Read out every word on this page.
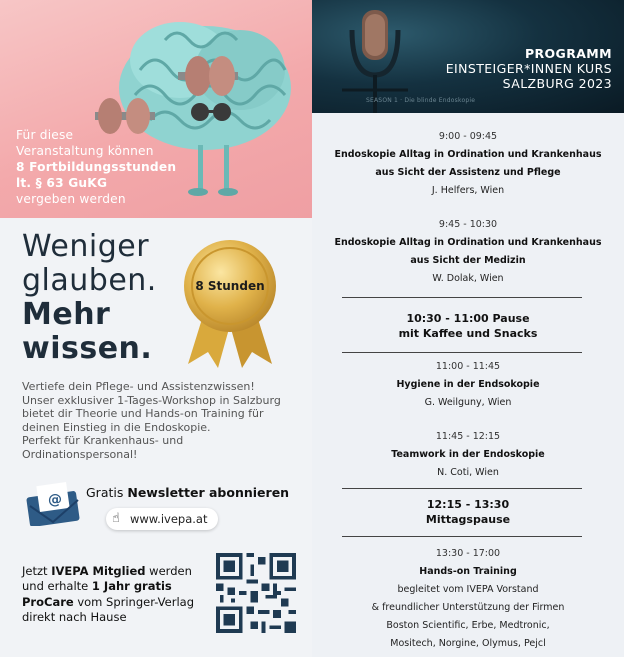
Für diese
Veranstaltung können
8 Fortbildungsstunden
lt. § 63 GuKG
vergeben werden
Weniger
glauben.
Mehr
wissen.
8 Stunden
Vertiefe dein Pflege- und Assistenzwissen!
Unser exklusiver 1-Tages-Workshop in Salzburg
bietet dir Theorie und Hands-on Training für
deinen Einstieg in die Endoskopie.
Perfekt für Krankenhaus- und
Ordinationspersonal!
@ Gratis Newsletter abonnieren
www.ivepa.at
☝
Jetzt IVEPA Mitglied werden
und erhalte 1 Jahr gratis
ProCare vom Springer-Verlag
direkt nach Hause
PROGRAMM
EINSTEIGER*INNEN KURS
SALZBURG 2023
SEASON 1 · Die blinde Endoskopie
9:00 - 09:45
Endoskopie Alltag in Ordination und Krankenhaus
aus Sicht der Assistenz und Pflege
J. Helfers, Wien
9:45 - 10:30
Endoskopie Alltag in Ordination und Krankenhaus
aus Sicht der Medizin
W. Dolak, Wien
10:30 - 11:00 Pause
mit Kaffee und Snacks
11:00 - 11:45
Hygiene in der Endsokopie
G. Weilguny, Wien
11:45 - 12:15
Teamwork in der Endoskopie
N. Coti, Wien
12:15 - 13:30
Mittagspause
13:30 - 17:00
Hands-on Training
begleitet vom IVEPA Vorstand
& freundlicher Unterstützung der Firmen
Boston Scientific, Erbe, Medtronic,
Mositech, Norgine, Olymus, Pejcl
